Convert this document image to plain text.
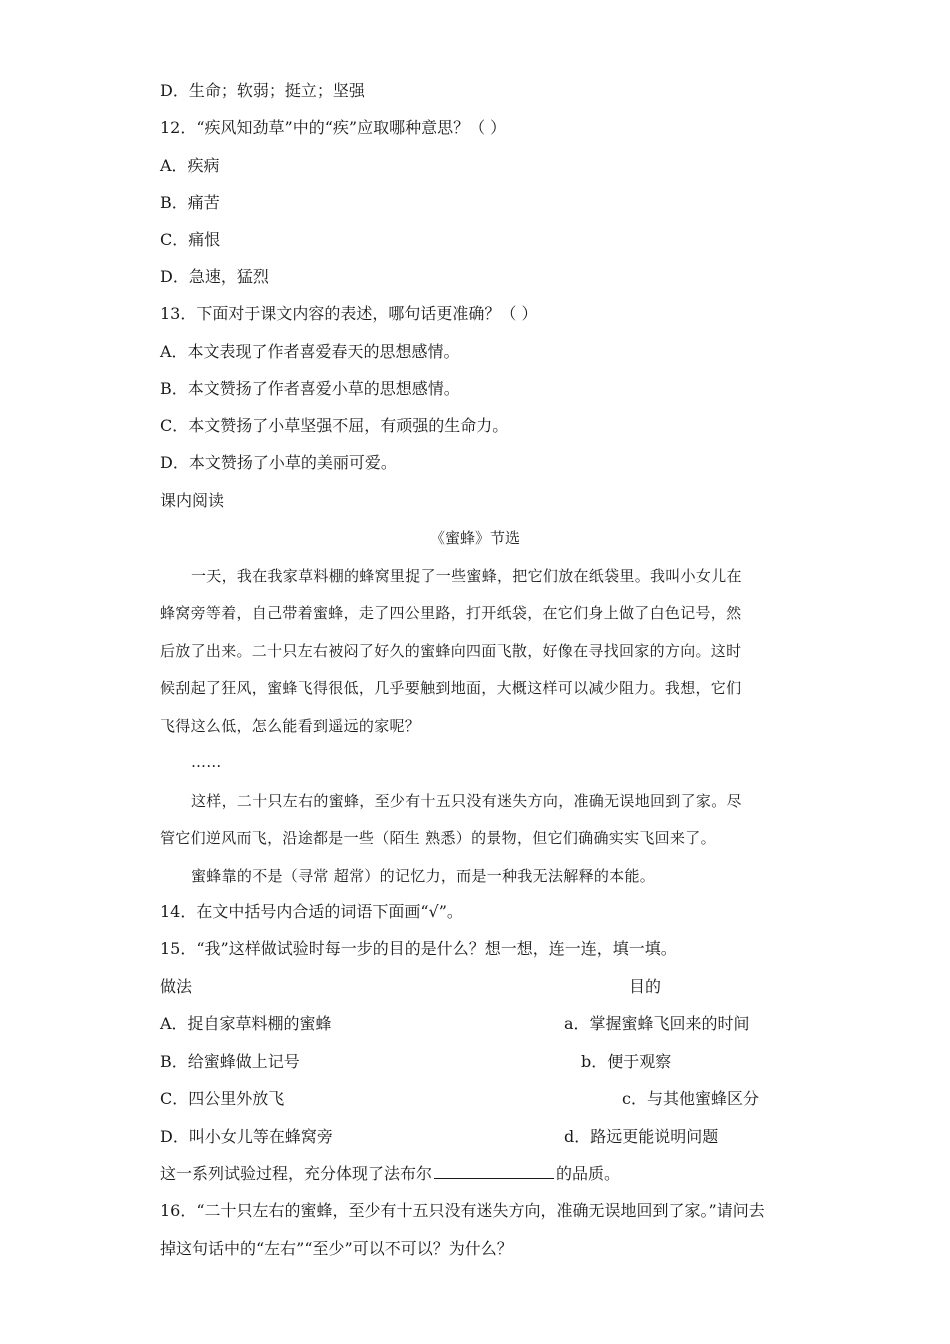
D．生命；软弱；挺立；坚强
12．“疾风知劲草”中的“疾”应取哪种意思？（ ）
A．疾病
B．痛苦
C．痛恨
D．急速，猛烈
13．下面对于课文内容的表述，哪句话更准确？（ ）
A．本文表现了作者喜爱春天的思想感情。
B．本文赞扬了作者喜爱小草的思想感情。
C．本文赞扬了小草坚强不屈，有顽强的生命力。
D．本文赞扬了小草的美丽可爱。
课内阅读
《蜜蜂》节选
一天，我在我家草料棚的蜂窝里捉了一些蜜蜂，把它们放在纸袋里。我叫小女儿在
蜂窝旁等着，自己带着蜜蜂，走了四公里路，打开纸袋，在它们身上做了白色记号，然
后放了出来。二十只左右被闷了好久的蜜蜂向四面飞散，好像在寻找回家的方向。这时
候刮起了狂风，蜜蜂飞得很低，几乎要触到地面，大概这样可以减少阻力。我想，它们
飞得这么低，怎么能看到遥远的家呢？
……
这样，二十只左右的蜜蜂，至少有十五只没有迷失方向，准确无误地回到了家。尽
管它们逆风而飞，沿途都是一些（陌生 熟悉）的景物，但它们确确实实飞回来了。
蜜蜂靠的不是（寻常 超常）的记忆力，而是一种我无法解释的本能。
14．在文中括号内合适的词语下面画“√”。
15．“我”这样做试验时每一步的目的是什么？想一想，连一连，填一填。
做法	目的
A．捉自家草料棚的蜜蜂	a．掌握蜜蜂飞回来的时间
B．给蜜蜂做上记号	b．便于观察
C．四公里外放飞	c．与其他蜜蜂区分
D．叫小女儿等在蜂窝旁	d．路远更能说明问题
这一系列试验过程，充分体现了法布尔	的品质。
16．“二十只左右的蜜蜂，至少有十五只没有迷失方向，准确无误地回到了家。”请问去
掉这句话中的“左右”“至少”可以不可以？为什么？
